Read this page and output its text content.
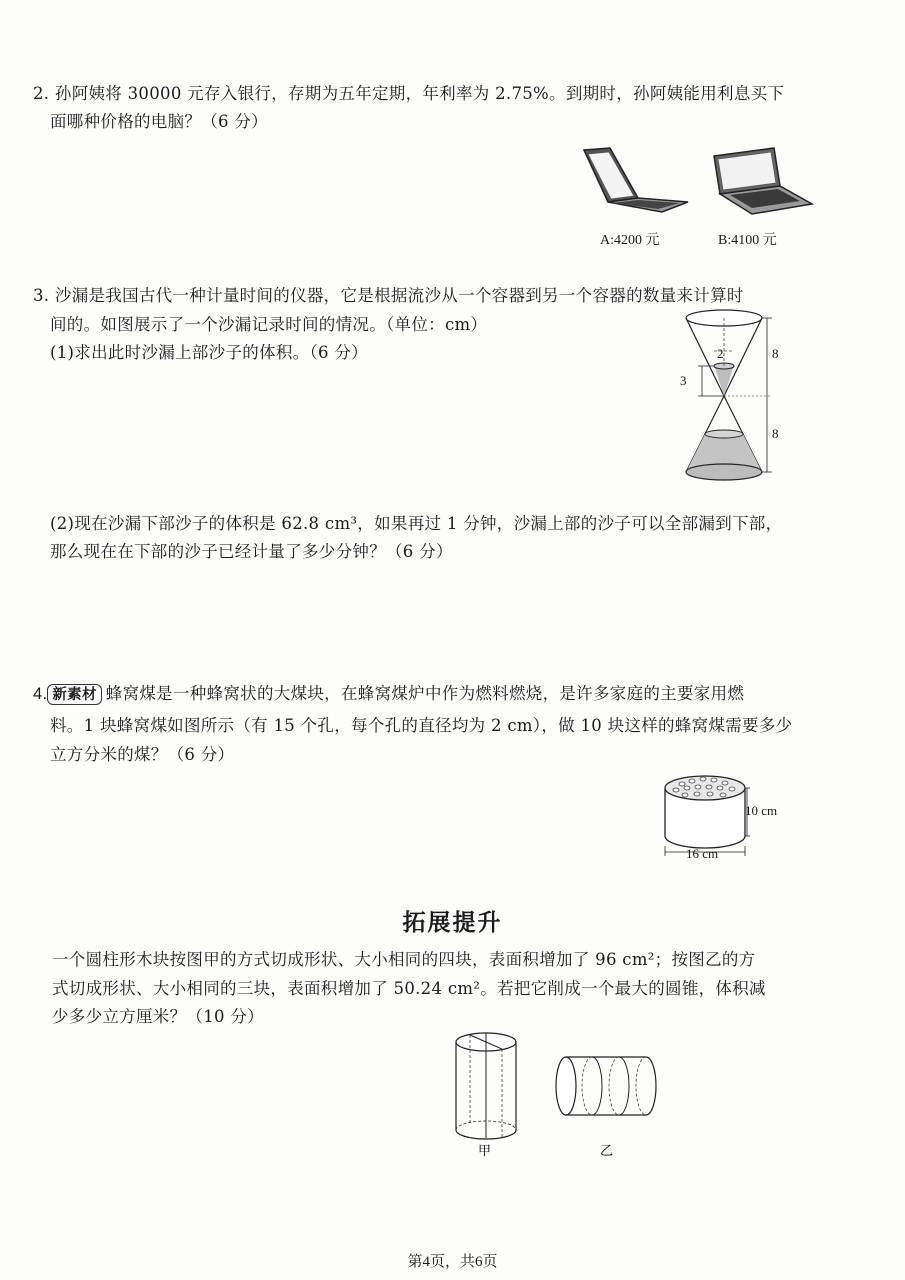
2. 孙阿姨将 30000 元存入银行，存期为五年定期，年利率为 2.75%。到期时，孙阿姨能用利息买下
面哪种价格的电脑？（6 分）
A:4200 元	B:4100 元
3. 沙漏是我国古代一种计量时间的仪器，它是根据流沙从一个容器到另一个容器的数量来计算时
间的。如图展示了一个沙漏记录时间的情况。（单位：cm）
(1)求出此时沙漏上部沙子的体积。（6 分）	2
3
8
8
(2)现在沙漏下部沙子的体积是 62.8 cm³，如果再过 1 分钟，沙漏上部的沙子可以全部漏到下部，
那么现在在下部的沙子已经计量了多少分钟？（6 分）
4. 新素材 蜂窝煤是一种蜂窝状的大煤块，在蜂窝煤炉中作为燃料燃烧，是许多家庭的主要家用燃
料。1 块蜂窝煤如图所示（有 15 个孔，每个孔的直径均为 2 cm），做 10 块这样的蜂窝煤需要多少
立方分米的煤？（6 分）
10 cm
16 cm
拓展提升
一个圆柱形木块按图甲的方式切成形状、大小相同的四块，表面积增加了 96 cm²；按图乙的方
式切成形状、大小相同的三块，表面积增加了 50.24 cm²。若把它削成一个最大的圆锥，体积减
少多少立方厘米？（10 分）
甲	乙
第4页，共6页
